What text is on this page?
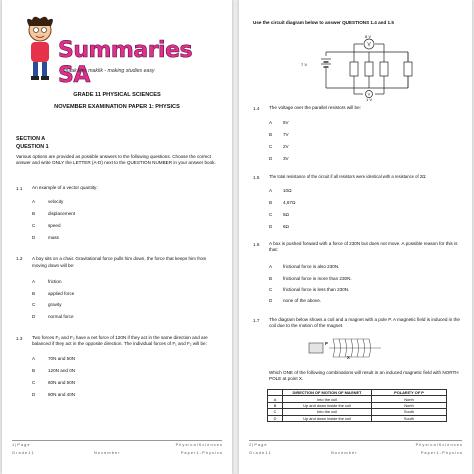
Summaries SA
maak leer maklik - making studies easy
GRADE 11 PHYSICAL SCIENCES
NOVEMBER EXAMINATION PAPER 1: PHYSICS
SECTION A
QUESTION 1
Various options are provided as possible answers to the following questions. Choose the correct answer and write ONLY the LETTER (A-D) next to the QUESTION NUMBER in your answer book.
1.1 An example of a vector quantity:
A	velocity
B	displacement
C	speed
D	mass
1.2 A boy sits on a chair. Gravitational force pulls him down, the force that keeps him from moving down will be:
A	friction
B	applied force
C	gravity
D	normal force
1.3 Two forces F₁ and F₂ have a net force of 120N if they act in the same direction and are balanced if they act in the opposite direction. The individual forces of F₁ and F₂ will be:
A	70N and 50N
B	120N and 0N
C	60N and 60N
D	80N and 40N
1 | P a g e	P h y s i c a l S c i e n c e s
G r a d e 1 1	N o v e m b e r	P a p e r 1 - P h y s i c s
Use the circuit diagram below to answer QUESTIONS 1.4 and 1.5
V
V
8 V
7 V
1 V
1.4 The voltage over the parallel resistors will be:
A 5V
B 7V
C 2V
D 3V
1.5 The total resistance of the circuit if all resistors were identical with a resistance of 2Ω:
A 10Ω
B 4,67Ω
C 5Ω
D 6Ω
1.6 A box is pushed forward with a force of 230N but does not move. A possible reason for this is that:
A frictional force is also 230N.
B frictional force is more than 230N.
C frictional force is less than 230N.
D none of the above.
1.7 The diagram below shows a coil and a magnet with a pole P. A magnetic field is induced in the coil due to the motion of the magnet.
P
X
Which ONE of the following combinations will result in an induced magnetic field with NORTH POLE at point X.
	DIRECTION OF MOTION OF MAGNET	POLARITY OF P
A	Into the coil	North
B	Up and down inside the coil	North
C	Into the coil	South
D	Up and down inside the coil	South
2 | P a g e	P h y s i c a l S c i e n c e s
G r a d e 1 1	N o v e m b e r	P a p e r 1 - P h y s i c s
